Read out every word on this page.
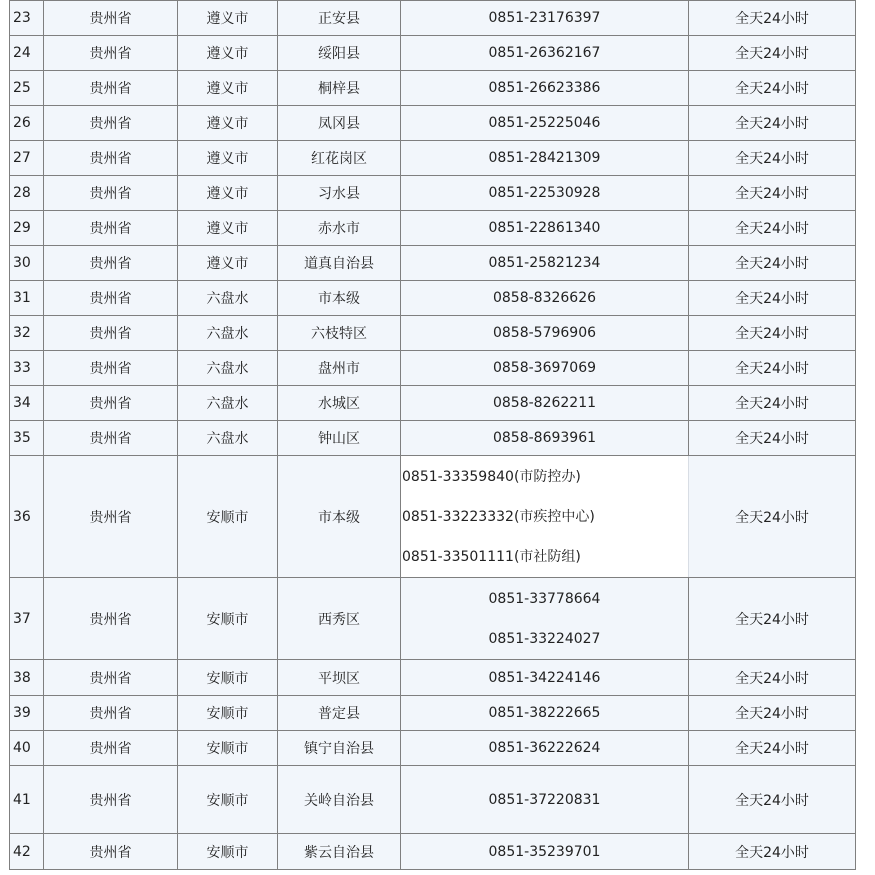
23	贵州省	遵义市	正安县	0851-23176397	全天24小时
24	贵州省	遵义市	绥阳县	0851-26362167	全天24小时
25	贵州省	遵义市	桐梓县	0851-26623386	全天24小时
26	贵州省	遵义市	凤冈县	0851-25225046	全天24小时
27	贵州省	遵义市	红花岗区	0851-28421309	全天24小时
28	贵州省	遵义市	习水县	0851-22530928	全天24小时
29	贵州省	遵义市	赤水市	0851-22861340	全天24小时
30	贵州省	遵义市	道真自治县	0851-25821234	全天24小时
31	贵州省	六盘水	市本级	0858-8326626	全天24小时
32	贵州省	六盘水	六枝特区	0858-5796906	全天24小时
33	贵州省	六盘水	盘州市	0858-3697069	全天24小时
34	贵州省	六盘水	水城区	0858-8262211	全天24小时
35	贵州省	六盘水	钟山区	0858-8693961	全天24小时
36	贵州省	安顺市	市本级	0851-33359840(市防控办)
0851-33223332(市疾控中心)
0851-33501111(市社防组)	全天24小时
37	贵州省	安顺市	西秀区	0851-33778664
0851-33224027	全天24小时
38	贵州省	安顺市	平坝区	0851-34224146	全天24小时
39	贵州省	安顺市	普定县	0851-38222665	全天24小时
40	贵州省	安顺市	镇宁自治县	0851-36222624	全天24小时
41	贵州省	安顺市	关岭自治县	0851-37220831	全天24小时
42	贵州省	安顺市	紫云自治县	0851-35239701	全天24小时
